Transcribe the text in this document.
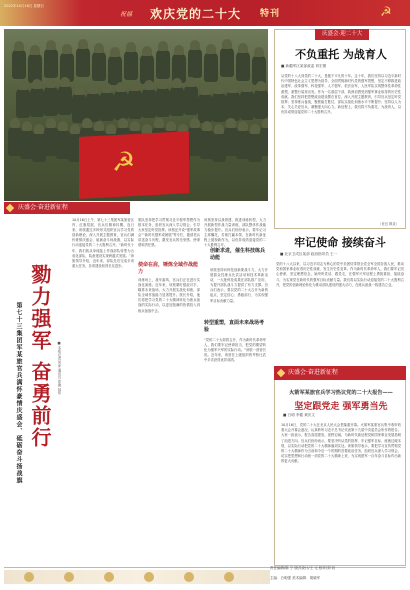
2022年10月16日 星期日
祝福 欢庆党的二十大 特刊	☭
☭
庆盛会·奋进新征程
庆盛会·迎二十大
不负重托 为战育人
■ 新疆军区某部政委 刘宏图
从党的十八大到党的二十大，是极不平凡的十年。这十年，我们坚持以习近平新时代中国特色社会主义思想为指导，全面贯彻新时代党的强军思想，坚定不移推进政治建军、改革强军、科技强军、人才强军、依法治军，人民军队实现整体性革命性重塑，重整行装再出发。作为一名基层干部，我深切感受到强军事业取得的历史性成就。我们坚持把思想政治建设摆在首位，深入开展主题教育，引导官兵坚定听党指挥；坚持练兵备战，聚焦能打胜仗，部队实战化训练水平不断提升；坚持以人为本，关心关爱官兵，凝聚强大向心力。新征程上，我们将不负重托、为战育人，以优异成绩迎接党的二十大胜利召开。
（晋良 辑录）
牢记使命 接续奋斗
■ 北京卫戍区某部 政治指导员 王一
党的十八大以来，以习近平同志为核心的党中央团结带领全党全军全国各族人民，推动党和国家事业取得历史性成就、发生历史性变革。作为新时代革命军人，我们要牢记初心使命，坚定理想信念，始终听党话、跟党走，在强军兴军征程上勇挑重担、接续奋斗，为实现党在新时代的强军目标贡献力量。我们将以实际行动迎接党的二十大胜利召开，把党的创新理论转化为推动部队建设的强大动力，在练兵备战一线建功立业。
庆盛会·奋进新征程
火箭军某旅官兵学习热议党的二十大报告——
坚定跟党走 强军勇当先
■ 白明 李健 黄庆文
10月16日，党的二十大在北京人民大会堂隆重开幕。火箭军某旅官兵集中收听收看大会开幕会盛况，认真聆听习近平总书记代表第十九届中央委员会所作的报告。大家一致表示，报告高屋建瓴、视野宏阔，为新时代新征程党和国家事业发展指明了前进方向。官兵们纷纷表示，要坚决听从党的指挥，牢记强军目标，练就过硬本领，以实际行动把党的二十大精神落到实处。该旅领导表示，要把学习宣传贯彻党的二十大精神作为当前和今后一个时期的首要政治任务，组织官兵深入学习领会，切实把思想和行动统一到党的二十大精神上来，为实现建军一百年奋斗目标作出新的更大贡献。
勠力强军 奋勇前行
第七十三集团军某旅官兵满怀豪情庆盛会、砥砺奋斗扬战旗	■ 本报记者 何沛 通讯员 郑俊 林伟
10月16日上午，第七十三集团军某旅营区内，红旗招展，官兵们精神抖擞。连日来，该旅通过多种形式组织官兵学习党的创新理论，深入开展主题教育，官兵们满怀豪情庆盛会、砥砺奋斗扬战旗，以实际行动迎接党的二十大胜利召开。“新时代十年，我们旅从单纯陆上作战部队转型为合成化部队，装备建设实现跨越式发展。”该旅领导介绍，近年来，部队先后完成多项重大任务，各项建设取得长足进步。
旅队坚持把学习贯彻习近平强军思想作为根本任务，组织官兵深入学习领会，引导大家坚定听党指挥。该旅还开设“强军故事会”“新时代强军成就展”等专栏，邀请老兵讲述奋斗历程，激发官兵的光荣感、使命感和责任感。
使命在肩，锤炼全域作战能力
训练场上，战车轰鸣，官兵们正在进行实战化演练。近年来，该旅紧盯强敌对手，瞄准未来战场，大力开展实战化训练，部队全域作战能力显著提升。旅长介绍，他们将把学习党的二十大精神转化为练兵备战的实际行动，以更加饱满的热情投入到练兵备战中去。
转型重塑，直面未来战场考验
该旅坚持以战领建，推进训练转型，大力开展新型作战力量训练，部队整体作战能力稳步提升。官兵们纷纷表示，要牢记习主席嘱托，苦练打赢本领，在新时代新征程上展现新作为，以优异成绩迎接党的二十大胜利召开。
“党的二十大即将召开，作为新时代革命军人，我们要牢记使命担当，把党的期望转化为强军兴军的实际行动。”该旅一营营长说。近年来，该营在上级组织的考核比武中多次获得优异成绩。
创新求进，催生科技练兵动能
该旅坚持向科技创新要战斗力，大力开展群众性练兵比武活动和技术革新活动，一大批科技成果在部队推广应用，为提升部队战斗力提供了有力支撑。官兵们表示，要以党的二十大召开为新的起点，坚定信心、勇毅前行，为实现强军目标贡献力量。
责任编辑/陈 宁 版式设计/王 元 校对/刘 钊
主编：白明强 美术编辑：胡晓军
